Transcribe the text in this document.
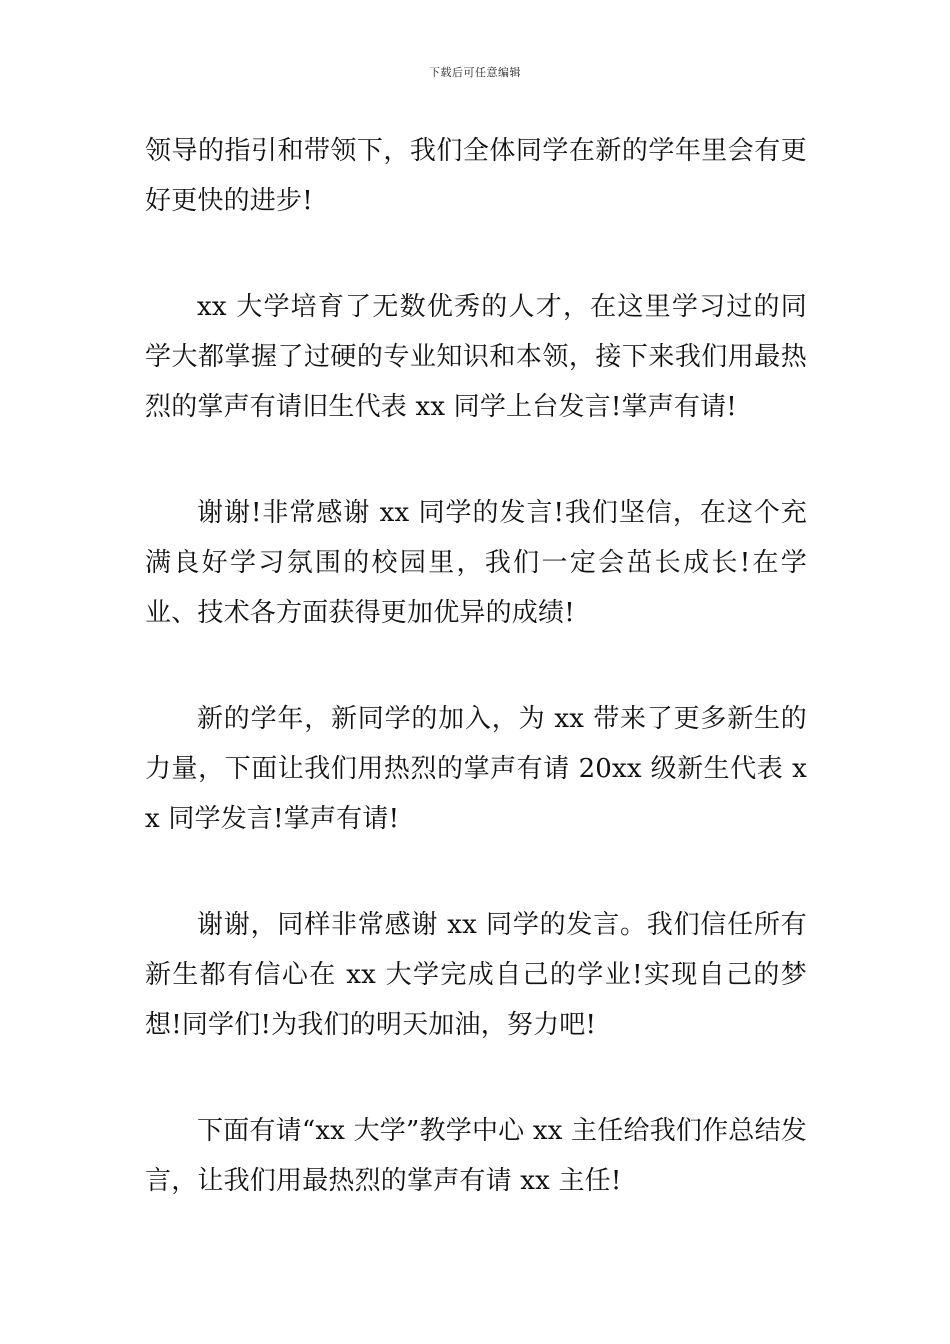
下载后可任意编辑

领导的指引和带领下，我们全体同学在新的学年里会有更好更快的进步!

xx 大学培育了无数优秀的人才，在这里学习过的同学大都掌握了过硬的专业知识和本领，接下来我们用最热烈的掌声有请旧生代表 xx 同学上台发言!掌声有请!

谢谢!非常感谢 xx 同学的发言!我们坚信，在这个充满良好学习氛围的校园里，我们一定会茁长成长!在学业、技术各方面获得更加优异的成绩!

新的学年，新同学的加入，为 xx 带来了更多新生的力量，下面让我们用热烈的掌声有请 20xx 级新生代表 xx 同学发言!掌声有请!

谢谢，同样非常感谢 xx 同学的发言。我们信任所有新生都有信心在 xx 大学完成自己的学业!实现自己的梦想!同学们!为我们的明天加油，努力吧!

下面有请“xx 大学”教学中心 xx 主任给我们作总结发言，让我们用最热烈的掌声有请 xx 主任!
